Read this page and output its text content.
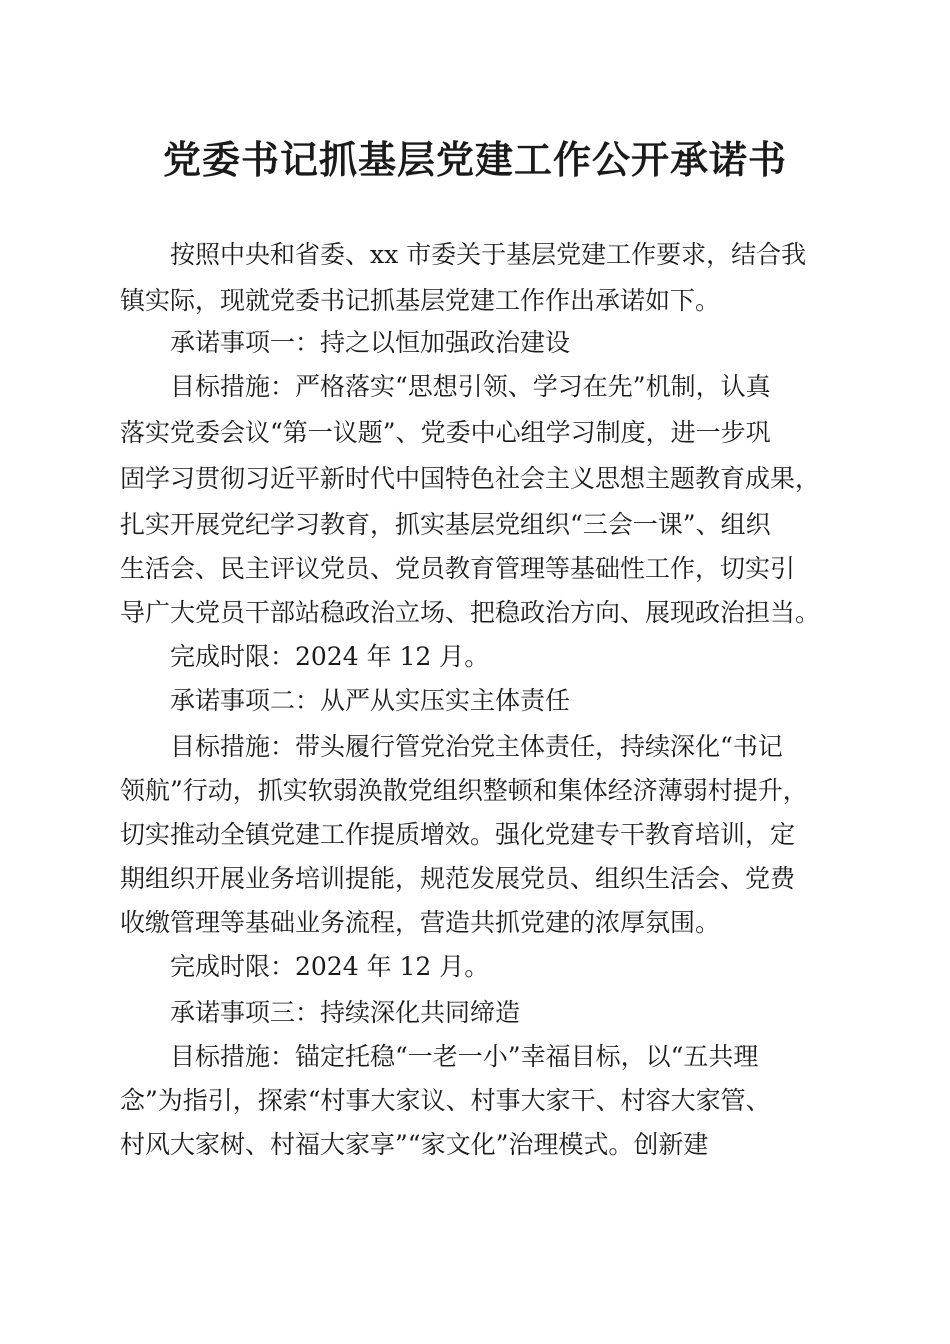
党委书记抓基层党建工作公开承诺书

按照中央和省委、xx 市委关于基层党建工作要求，结合我

镇实际，现就党委书记抓基层党建工作作出承诺如下。

承诺事项一：持之以恒加强政治建设

目标措施：严格落实“思想引领、学习在先”机制，认真

落实党委会议“第一议题”、党委中心组学习制度，进一步巩

固学习贯彻习近平新时代中国特色社会主义思想主题教育成果，

扎实开展党纪学习教育，抓实基层党组织“三会一课”、组织

生活会、民主评议党员、党员教育管理等基础性工作，切实引

导广大党员干部站稳政治立场、把稳政治方向、展现政治担当。

完成时限：2024 年 12 月。

承诺事项二：从严从实压实主体责任

目标措施：带头履行管党治党主体责任，持续深化“书记

领航”行动，抓实软弱涣散党组织整顿和集体经济薄弱村提升，

切实推动全镇党建工作提质增效。强化党建专干教育培训，定

期组织开展业务培训提能，规范发展党员、组织生活会、党费

收缴管理等基础业务流程，营造共抓党建的浓厚氛围。

完成时限：2024 年 12 月。

承诺事项三：持续深化共同缔造

目标措施：锚定托稳“一老一小”幸福目标，以“五共理

念”为指引，探索“村事大家议、村事大家干、村容大家管、

村风大家树、村福大家享”“家文化”治理模式。创新建
